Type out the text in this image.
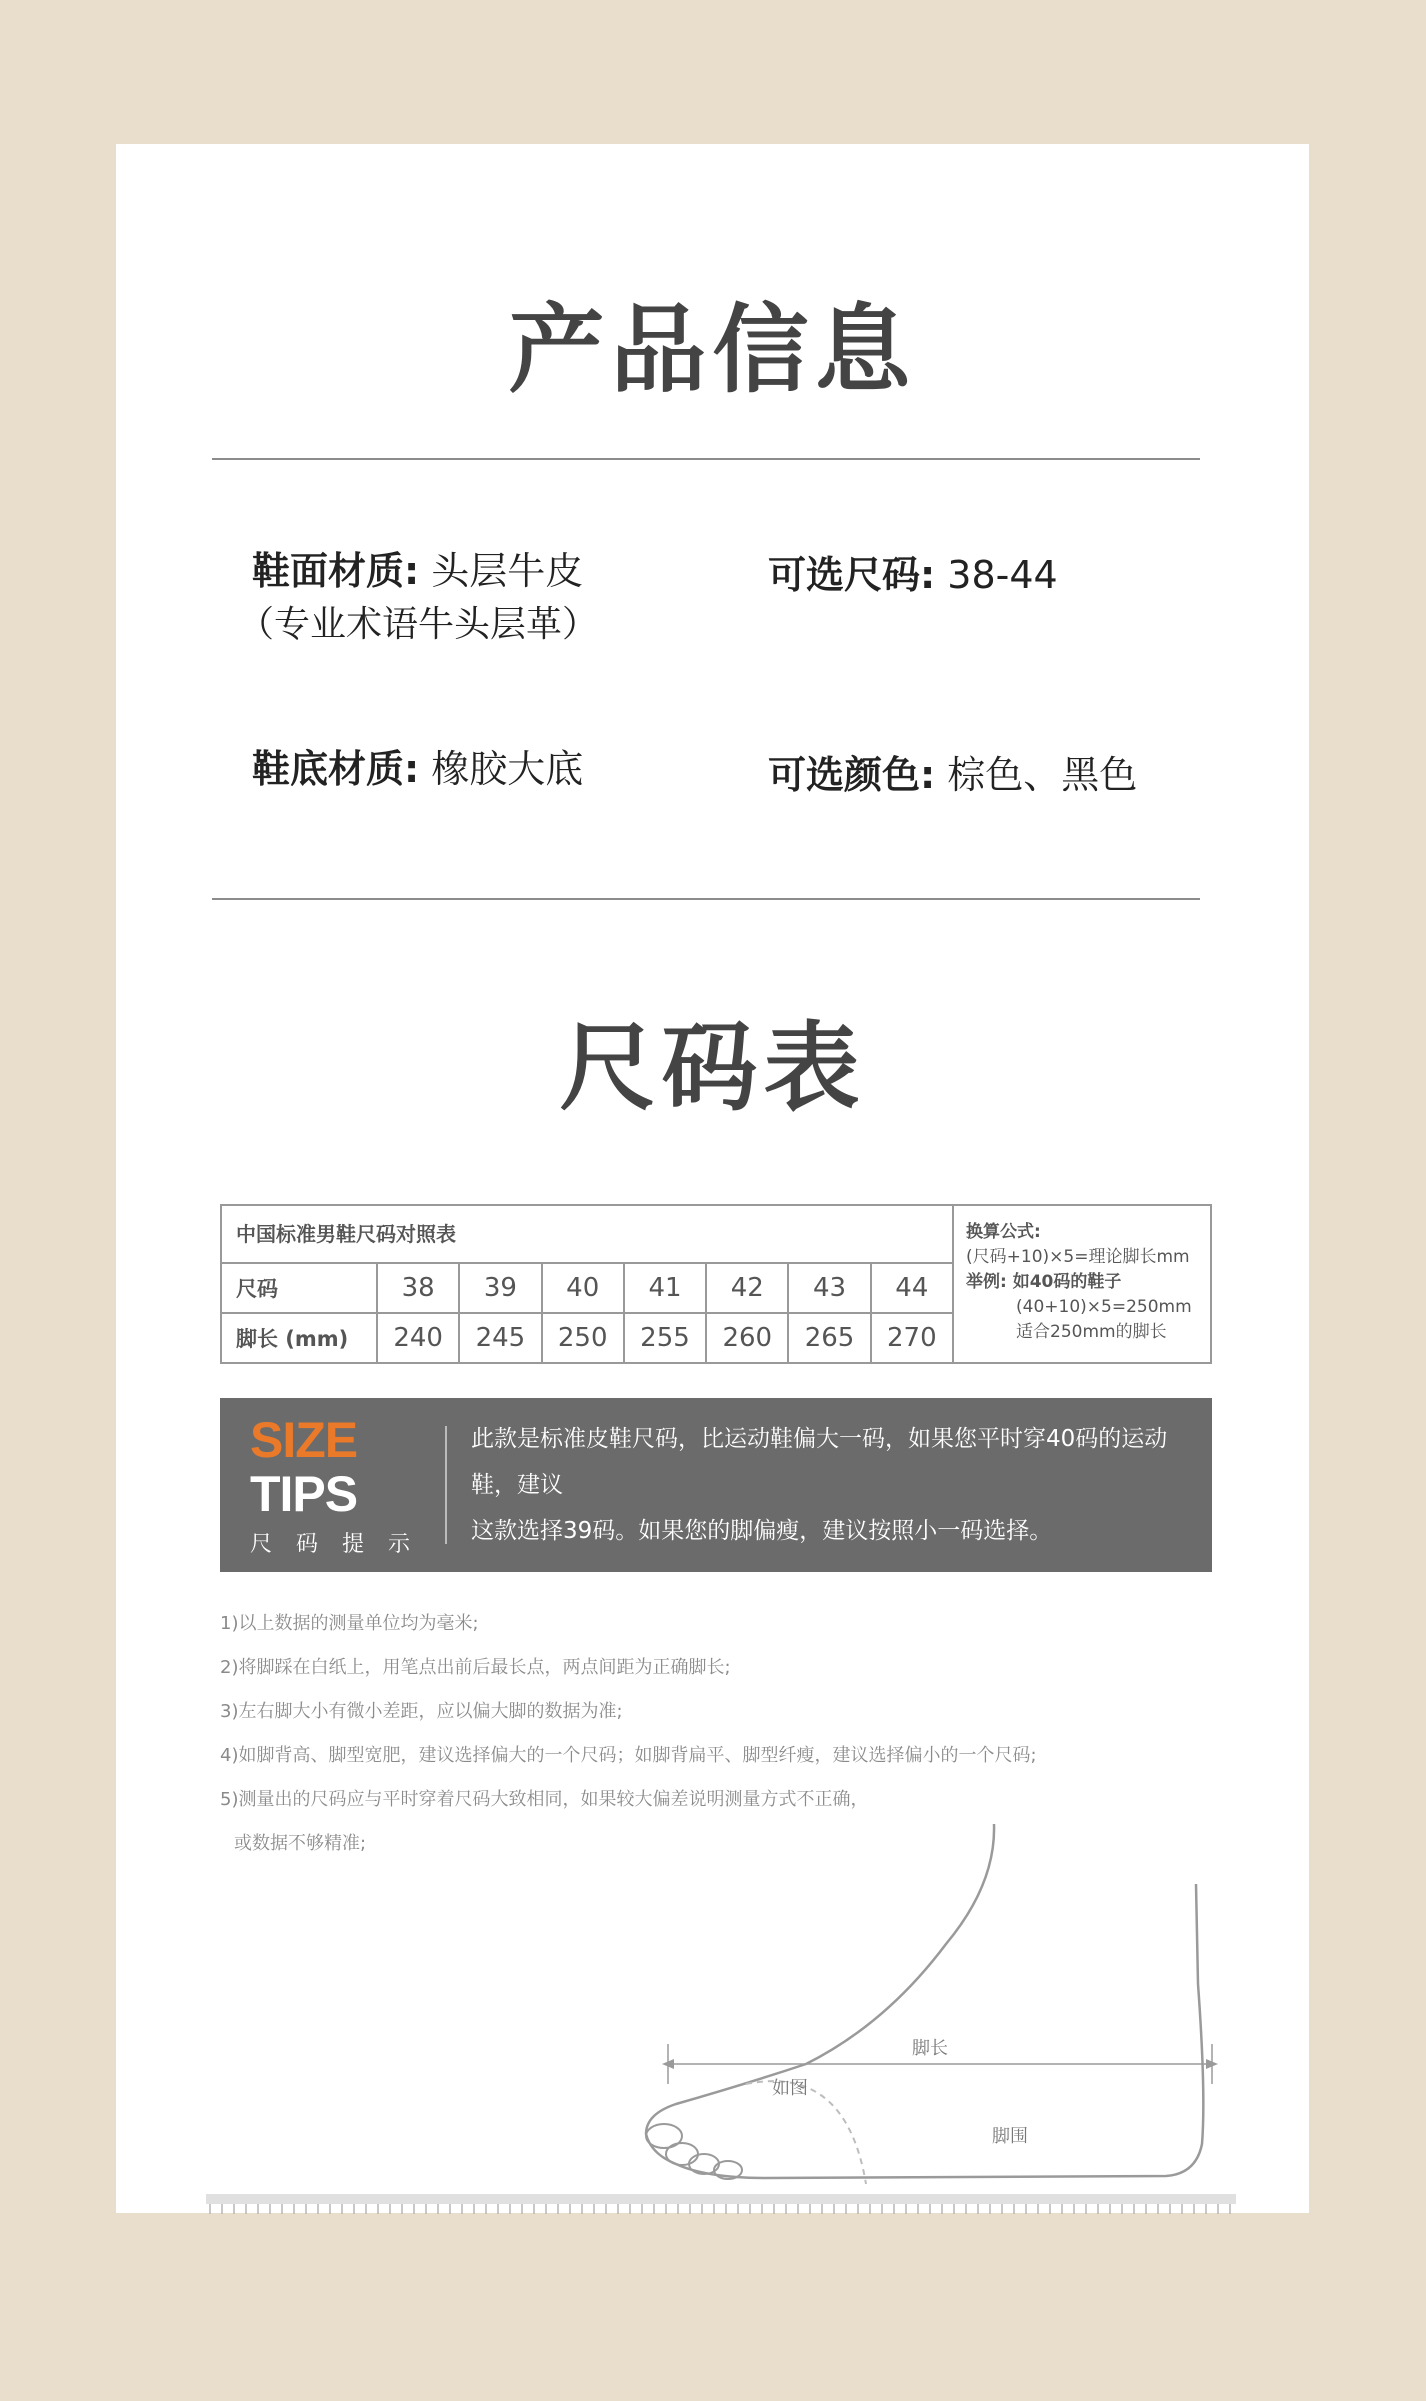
产品信息
鞋面材质: 头层牛皮
（专业术语牛头层革）
可选尺码: 38-44
鞋底材质: 橡胶大底	可选颜色: 棕色、黑色
尺码表
中国标准男鞋尺码对照表
尺码	38	39	40	41	42	43	44
脚长 (mm)	240	245	250	255	260	265	270
换算公式:
(尺码+10)×5=理论脚长mm
举例: 如40码的鞋子
(40+10)×5=250mm
适合250mm的脚长
SIZE TIPS
尺码提示
此款是标准皮鞋尺码，比运动鞋偏大一码，如果您平时穿40码的运动鞋，建议
这款选择39码。如果您的脚偏瘦，建议按照小一码选择。
1)以上数据的测量单位均为毫米;
2)将脚踩在白纸上，用笔点出前后最长点，两点间距为正确脚长;
3)左右脚大小有微小差距，应以偏大脚的数据为准;
4)如脚背高、脚型宽肥，建议选择偏大的一个尺码；如脚背扁平、脚型纤瘦，建议选择偏小的一个尺码;
5)测量出的尺码应与平时穿着尺码大致相同，如果较大偏差说明测量方式不正确，
或数据不够精准;
脚长
如图
脚围
